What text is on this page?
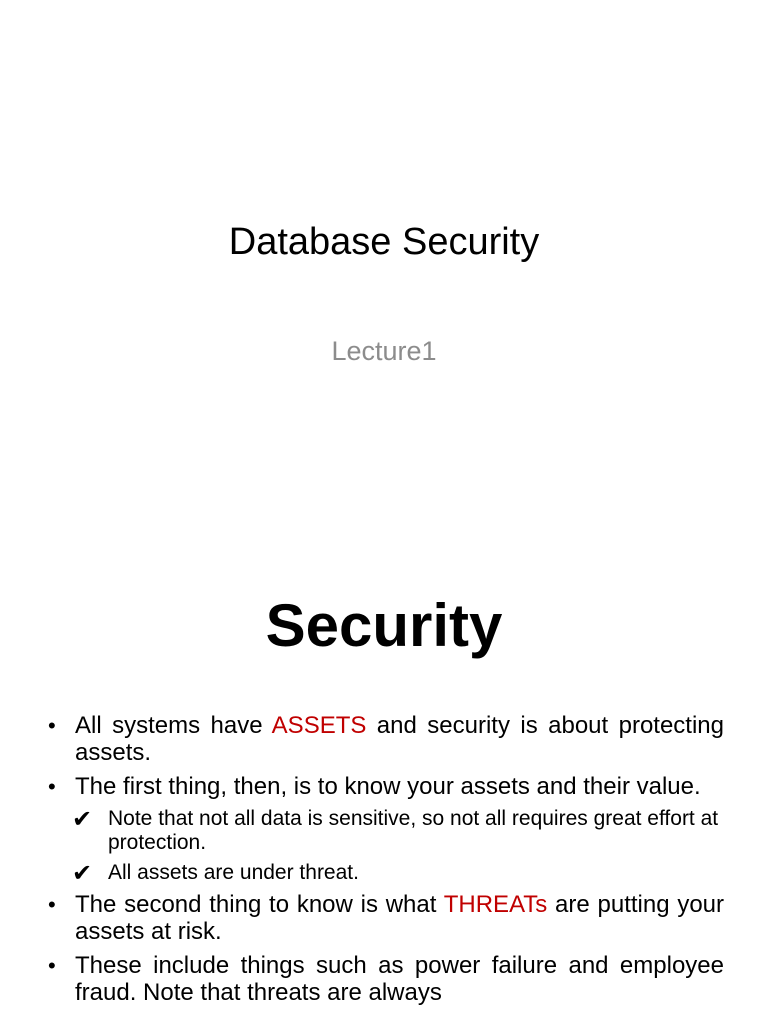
Database Security
Lecture1
Security
• All systems have ASSETS and security is about protecting assets.
• The first thing, then, is to know your assets and their value.
✔ Note that not all data is sensitive, so not all requires great effort at protection.
✔ All assets are under threat.
• The second thing to know is what THREATs are putting your assets at risk.
• These include things such as power failure and employee fraud. Note that threats are always
